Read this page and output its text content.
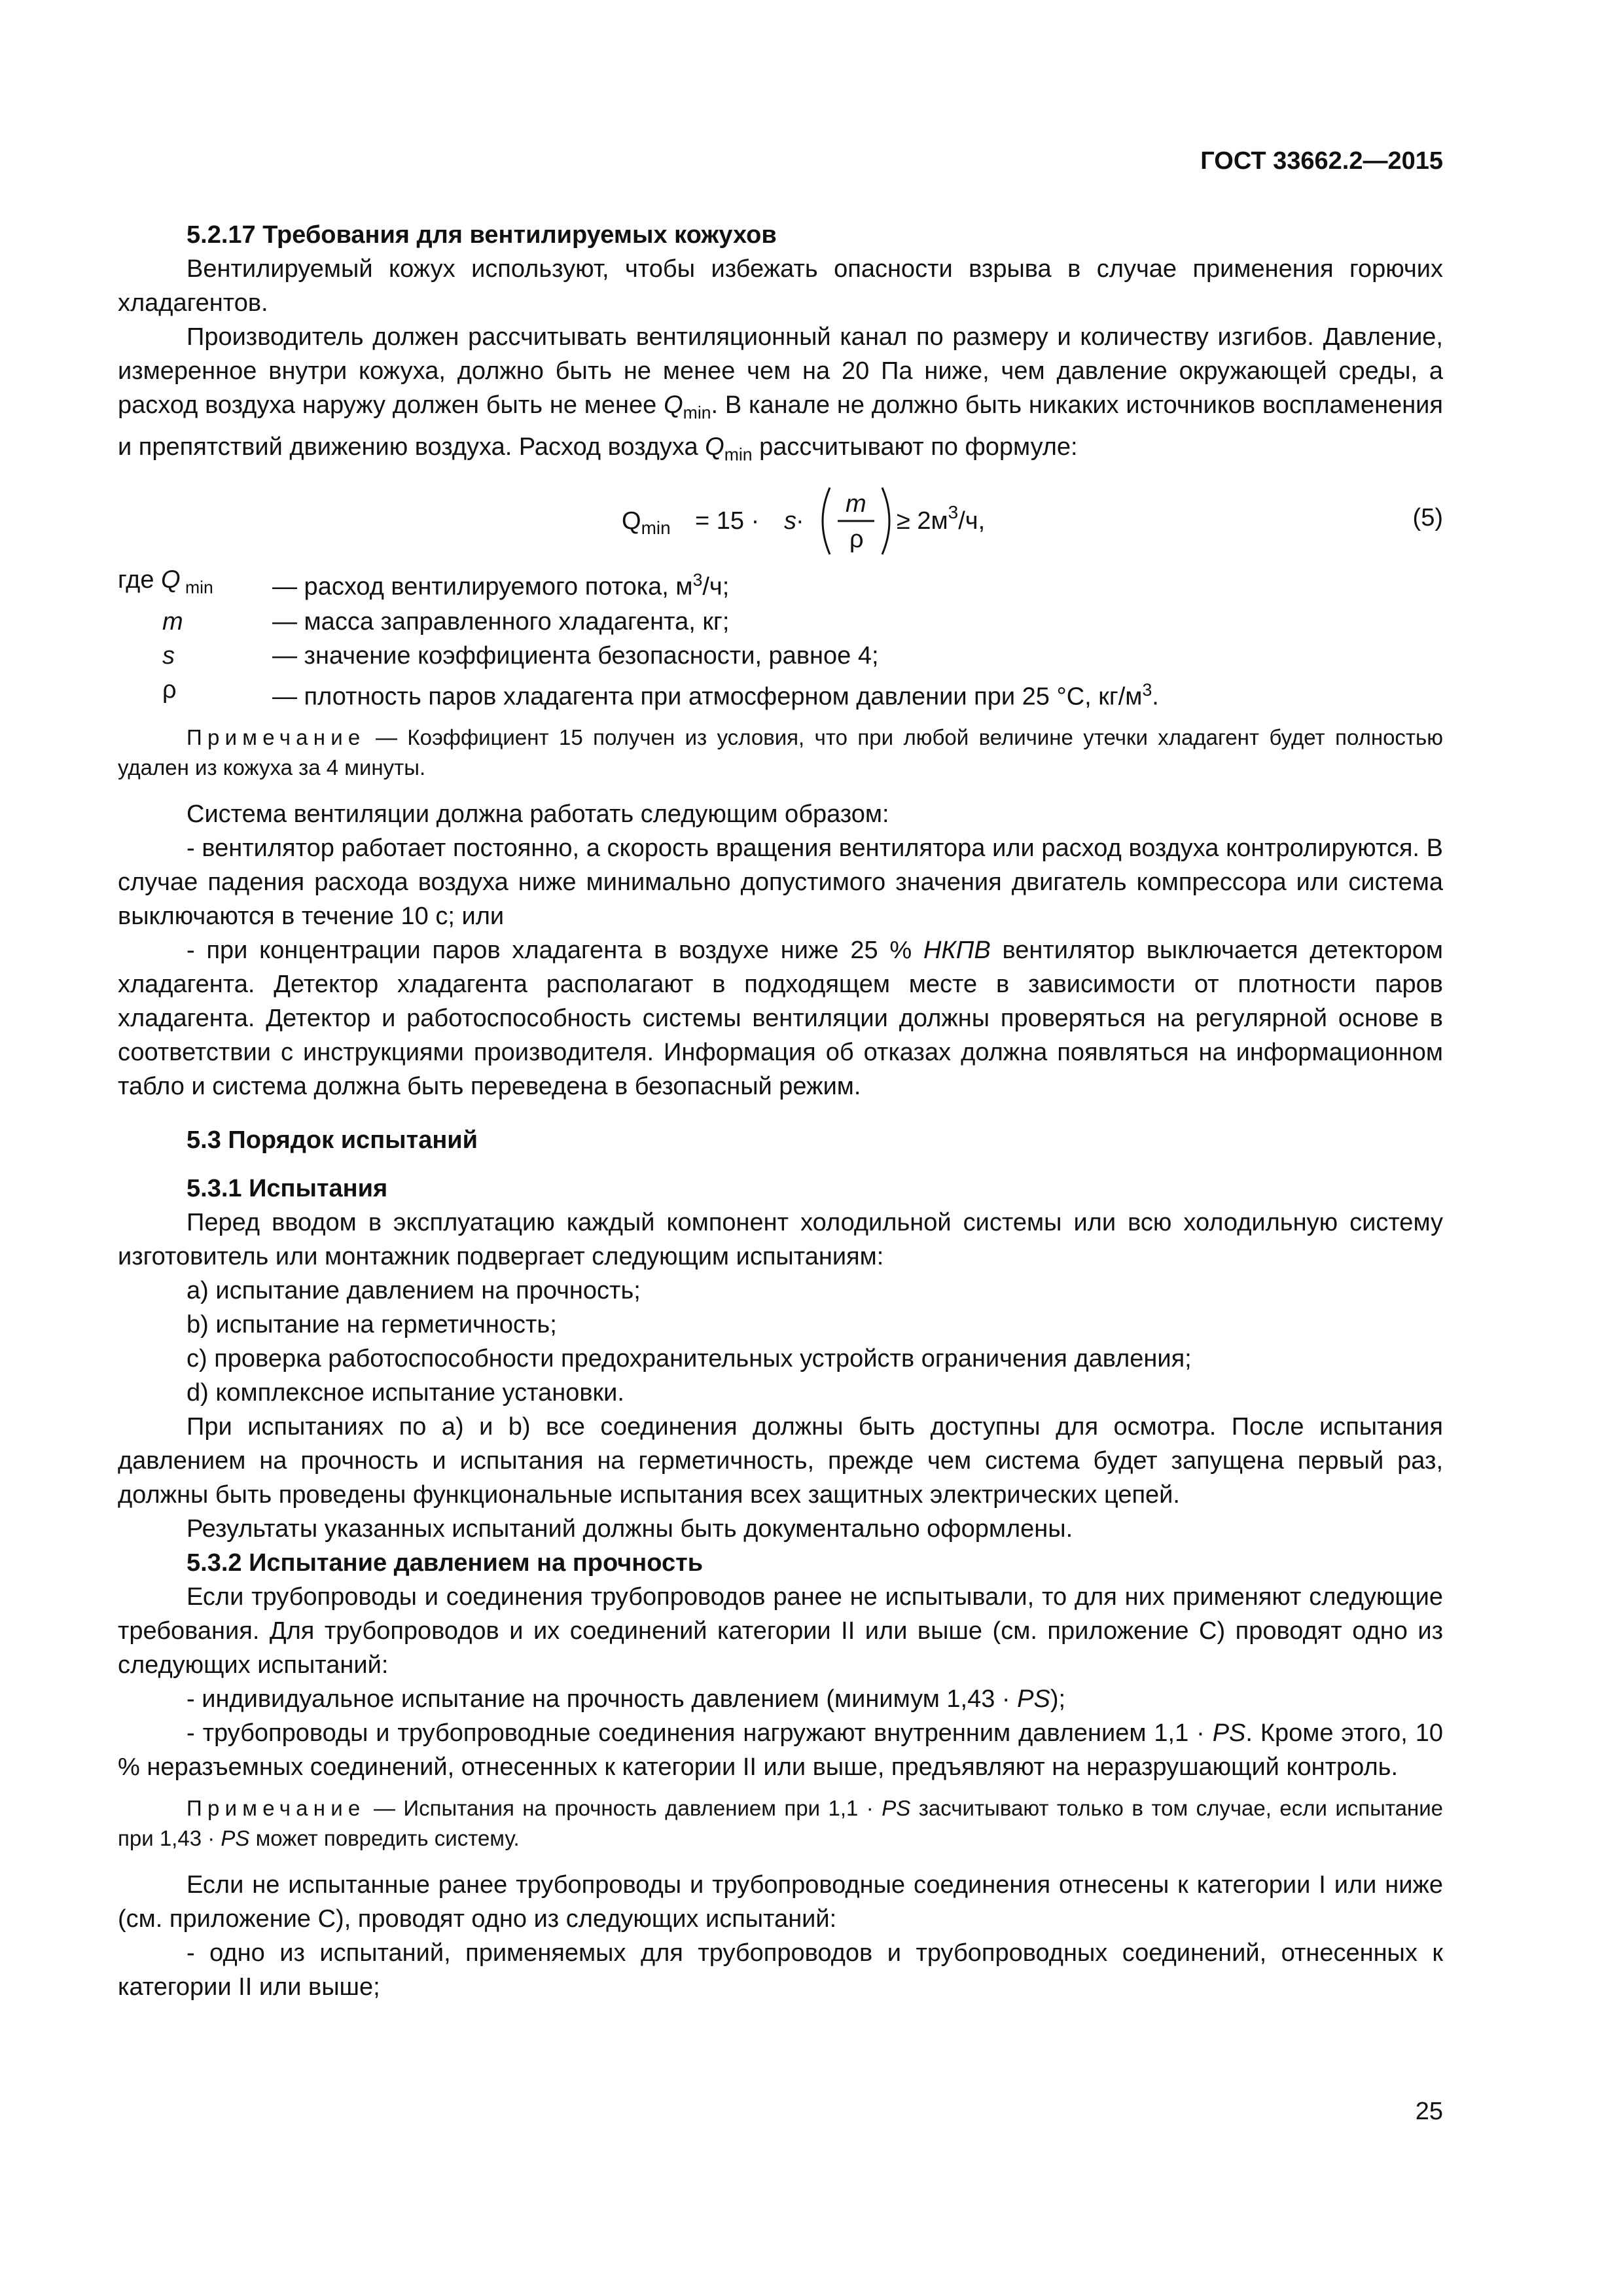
ГОСТ 33662.2—2015
5.2.17 Требования для вентилируемых кожухов

Вентилируемый кожух используют, чтобы избежать опасности взрыва в случае применения горючих хладагентов.

Производитель должен рассчитывать вентиляционный канал по размеру и количеству изгибов. Давление, измеренное внутри кожуха, должно быть не менее чем на 20 Па ниже, чем давление окружающей среды, а расход воздуха наружу должен быть не менее $Q_{min}$. В канале не должно быть никаких источников воспламенения и препятствий движению воздуха. Расход воздуха $Q_{min}$ рассчитывают по формуле:

$Q_{min} = 15 \cdot s$ ·
m
ρ
≥ $2м^3/ч$,	(5)
где Q $_{min}$	— расход вентилируемого потока, $м^3/ч$;
m	— масса заправленного хладагента, кг;
s	— значение коэффициента безопасности, равное 4;
ρ	— плотность паров хладагента при атмосферном давлении при 25 °С, $кг/м^3$.

Примечание — Коэффициент 15 получен из условия, что при любой величине утечки хладагент будет полностью удален из кожуха за 4 минуты.

Система вентиляции должна работать следующим образом:

- вентилятор работает постоянно, а скорость вращения вентилятора или расход воздуха контролируются. В случае падения расхода воздуха ниже минимально допустимого значения двигатель компрессора или система выключаются в течение 10 с; или

- при концентрации паров хладагента в воздухе ниже 25 % НКПВ вентилятор выключается детектором хладагента. Детектор хладагента располагают в подходящем месте в зависимости от плотности паров хладагента. Детектор и работоспособность системы вентиляции должны проверяться на регулярной основе в соответствии с инструкциями производителя. Информация об отказах должна появляться на информационном табло и система должна быть переведена в безопасный режим.

5.3 Порядок испытаний
5.3.1 Испытания

Перед вводом в эксплуатацию каждый компонент холодильной системы или всю холодильную систему изготовитель или монтажник подвергает следующим испытаниям:

а) испытание давлением на прочность;

b) испытание на герметичность;

c) проверка работоспособности предохранительных устройств ограничения давления;

d) комплексное испытание установки.

При испытаниях по а) и b) все соединения должны быть доступны для осмотра. После испытания давлением на прочность и испытания на герметичность, прежде чем система будет запущена первый раз, должны быть проведены функциональные испытания всех защитных электрических цепей.

Результаты указанных испытаний должны быть документально оформлены.

5.3.2 Испытание давлением на прочность

Если трубопроводы и соединения трубопроводов ранее не испытывали, то для них применяют следующие требования. Для трубопроводов и их соединений категории II или выше (см. приложение С) проводят одно из следующих испытаний:

- индивидуальное испытание на прочность давлением (минимум 1,43 · PS);

- трубопроводы и трубопроводные соединения нагружают внутренним давлением 1,1 · PS. Кроме этого, 10 % неразъемных соединений, отнесенных к категории II или выше, предъявляют на неразрушающий контроль.

Примечание — Испытания на прочность давлением при 1,1 · PS засчитывают только в том случае, если испытание при 1,43 · PS может повредить систему.

Если не испытанные ранее трубопроводы и трубопроводные соединения отнесены к категории I или ниже (см. приложение С), проводят одно из следующих испытаний:

- одно из испытаний, применяемых для трубопроводов и трубопроводных соединений, отнесенных к категории II или выше;

25
